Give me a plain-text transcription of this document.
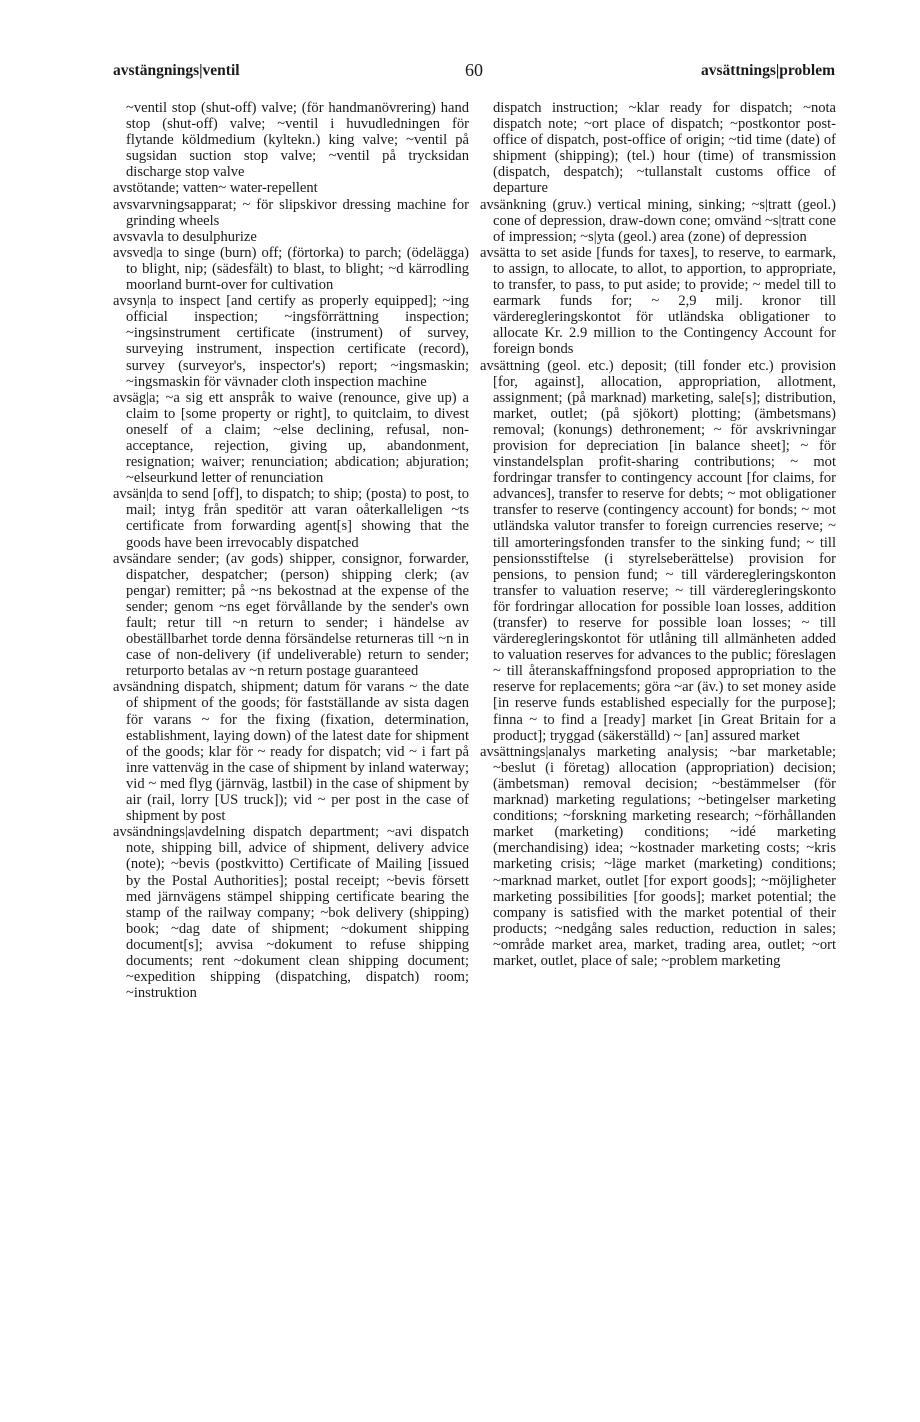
avstängnings|ventil	60	avsättnings|problem

~ventil stop (shut-off) valve; (för handmanövrering) hand stop (shut-off) valve; ~ventil i huvudledningen för flytande köldmedium (kyltekn.) king valve; ~ventil på sugsidan suction stop valve; ~ventil på trycksidan discharge stop valve

avstötande; vatten~ water-repellent

avsvarvningsapparat; ~ för slipskivor dressing machine for grinding wheels

avsvavla to desulphurize

avsved|a to singe (burn) off; (förtorka) to parch; (ödelägga) to blight, nip; (sädesfält) to blast, to blight; ~d kärrodling moorland burnt-over for cultivation

avsyn|a to inspect [and certify as properly equipped]; ~ing official inspection; ~ingsförrättning inspection; ~ingsinstrument certificate (instrument) of survey, surveying instrument, inspection certificate (record), survey (surveyor's, inspector's) report; ~ingsmaskin; ~ingsmaskin för vävnader cloth inspection machine

avsäg|a; ~a sig ett anspråk to waive (renounce, give up) a claim to [some property or right], to quitclaim, to divest oneself of a claim; ~else declining, refusal, non-acceptance, rejection, giving up, abandonment, resignation; waiver; renunciation; abdication; abjuration; ~elseurkund letter of renunciation

avsän|da to send [off], to dispatch; to ship; (posta) to post, to mail; intyg från speditör att varan oåterkalleligen ~ts certificate from forwarding agent[s] showing that the goods have been irrevocably dispatched

avsändare sender; (av gods) shipper, consignor, forwarder, dispatcher, despatcher; (person) shipping clerk; (av pengar) remitter; på ~ns bekostnad at the expense of the sender; genom ~ns eget förvållande by the sender's own fault; retur till ~n return to sender; i händelse av obeställbarhet torde denna försändelse returneras till ~n in case of non-delivery (if undeliverable) return to sender; returporto betalas av ~n return postage guaranteed

avsändning dispatch, shipment; datum för varans ~ the date of shipment of the goods; för fastställande av sista dagen för varans ~ for the fixing (fixation, determination, establishment, laying down) of the latest date for shipment of the goods; klar för ~ ready for dispatch; vid ~ i fart på inre vattenväg in the case of shipment by inland waterway; vid ~ med flyg (järnväg, lastbil) in the case of shipment by air (rail, lorry [US truck]); vid ~ per post in the case of shipment by post

avsändnings|avdelning dispatch department; ~avi dispatch note, shipping bill, advice of shipment, delivery advice (note); ~bevis (postkvitto) Certificate of Mailing [issued by the Postal Authorities]; postal receipt; ~bevis försett med järnvägens stämpel shipping certificate bearing the stamp of the railway company; ~bok delivery (shipping) book; ~dag date of shipment; ~dokument shipping document[s]; avvisa ~dokument to refuse shipping documents; rent ~dokument clean shipping document; ~expedition shipping (dispatching, dispatch) room; ~instruktion

dispatch instruction; ~klar ready for dispatch; ~nota dispatch note; ~ort place of dispatch; ~postkontor post-office of dispatch, post-office of origin; ~tid time (date) of shipment (shipping); (tel.) hour (time) of transmission (dispatch, despatch); ~tullanstalt customs office of departure

avsänkning (gruv.) vertical mining, sinking; ~s|tratt (geol.) cone of depression, draw-down cone; omvänd ~s|tratt cone of impression; ~s|yta (geol.) area (zone) of depression

avsätta to set aside [funds for taxes], to reserve, to earmark, to assign, to allocate, to allot, to apportion, to appropriate, to transfer, to pass, to put aside; to provide; ~ medel till to earmark funds for; ~ 2,9 milj. kronor till värderegleringskontot för utländska obligationer to allocate Kr. 2.9 million to the Contingency Account for foreign bonds

avsättning (geol. etc.) deposit; (till fonder etc.) provision [for, against], allocation, appropriation, allotment, assignment; (på marknad) marketing, sale[s]; distribution, market, outlet; (på sjökort) plotting; (ämbetsmans) removal; (konungs) dethronement; ~ för avskrivningar provision for depreciation [in balance sheet]; ~ för vinstandelsplan profit-sharing contributions; ~ mot fordringar transfer to contingency account [for claims, for advances], transfer to reserve for debts; ~ mot obligationer transfer to reserve (contingency account) for bonds; ~ mot utländska valutor transfer to foreign currencies reserve; ~ till amorteringsfonden transfer to the sinking fund; ~ till pensionsstiftelse (i styrelseberättelse) provision for pensions, to pension fund; ~ till värderegleringskonton transfer to valuation reserve; ~ till värderegleringskonto för fordringar allocation for possible loan losses, addition (transfer) to reserve for possible loan losses; ~ till värderegleringskontot för utlåning till allmänheten added to valuation reserves for advances to the public; föreslagen ~ till återanskaffningsfond proposed appropriation to the reserve for replacements; göra ~ar (äv.) to set money aside [in reserve funds established especially for the purpose]; finna ~ to find a [ready] market [in Great Britain for a product]; tryggad (säkerställd) ~ [an] assured market

avsättnings|analys marketing analysis; ~bar marketable; ~beslut (i företag) allocation (appropriation) decision; (ämbetsman) removal decision; ~bestämmelser (för marknad) marketing regulations; ~betingelser marketing conditions; ~forskning marketing research; ~förhållanden market (marketing) conditions; ~idé marketing (merchandising) idea; ~kostnader marketing costs; ~kris marketing crisis; ~läge market (marketing) conditions; ~marknad market, outlet [for export goods]; ~möjligheter marketing possibilities [for goods]; market potential; the company is satisfied with the market potential of their products; ~nedgång sales reduction, reduction in sales; ~område market area, market, trading area, outlet; ~ort market, outlet, place of sale; ~problem marketing
